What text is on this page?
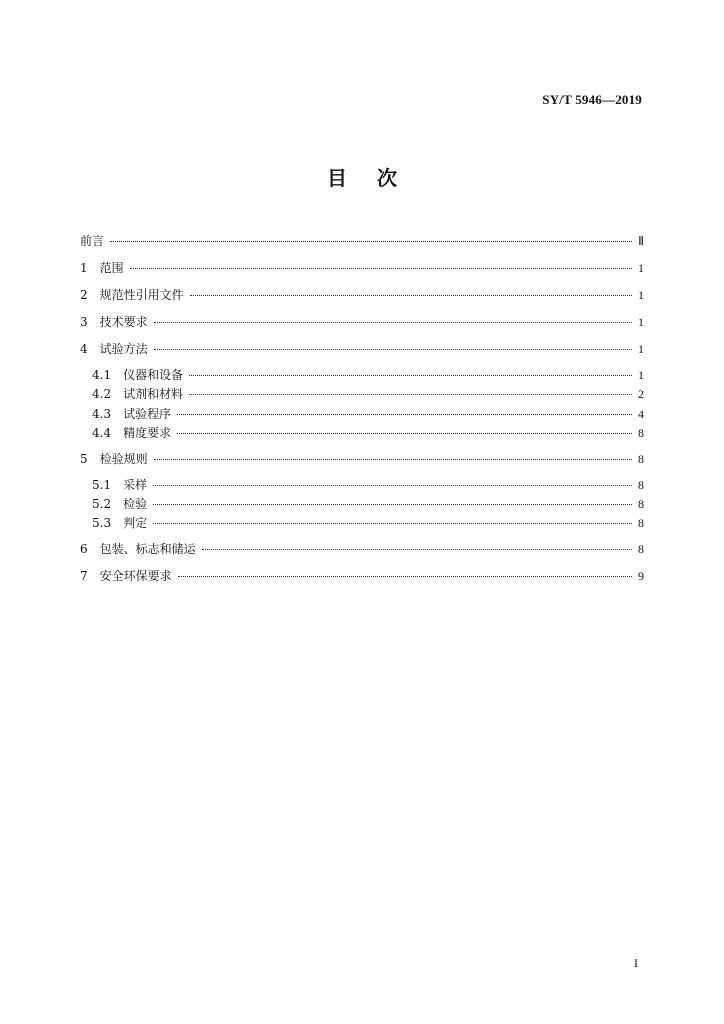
SY/T 5946—2019
目次
前言	Ⅱ
1 范围	1
2 规范性引用文件	1
3 技术要求	1
4 试验方法	1
4.1 仪器和设备	1
4.2 试剂和材料	2
4.3 试验程序	4
4.4 精度要求	8
5 检验规则	8
5.1 采样	8
5.2 检验	8
5.3 判定	8
6 包装、标志和储运	8
7 安全环保要求	9
I
